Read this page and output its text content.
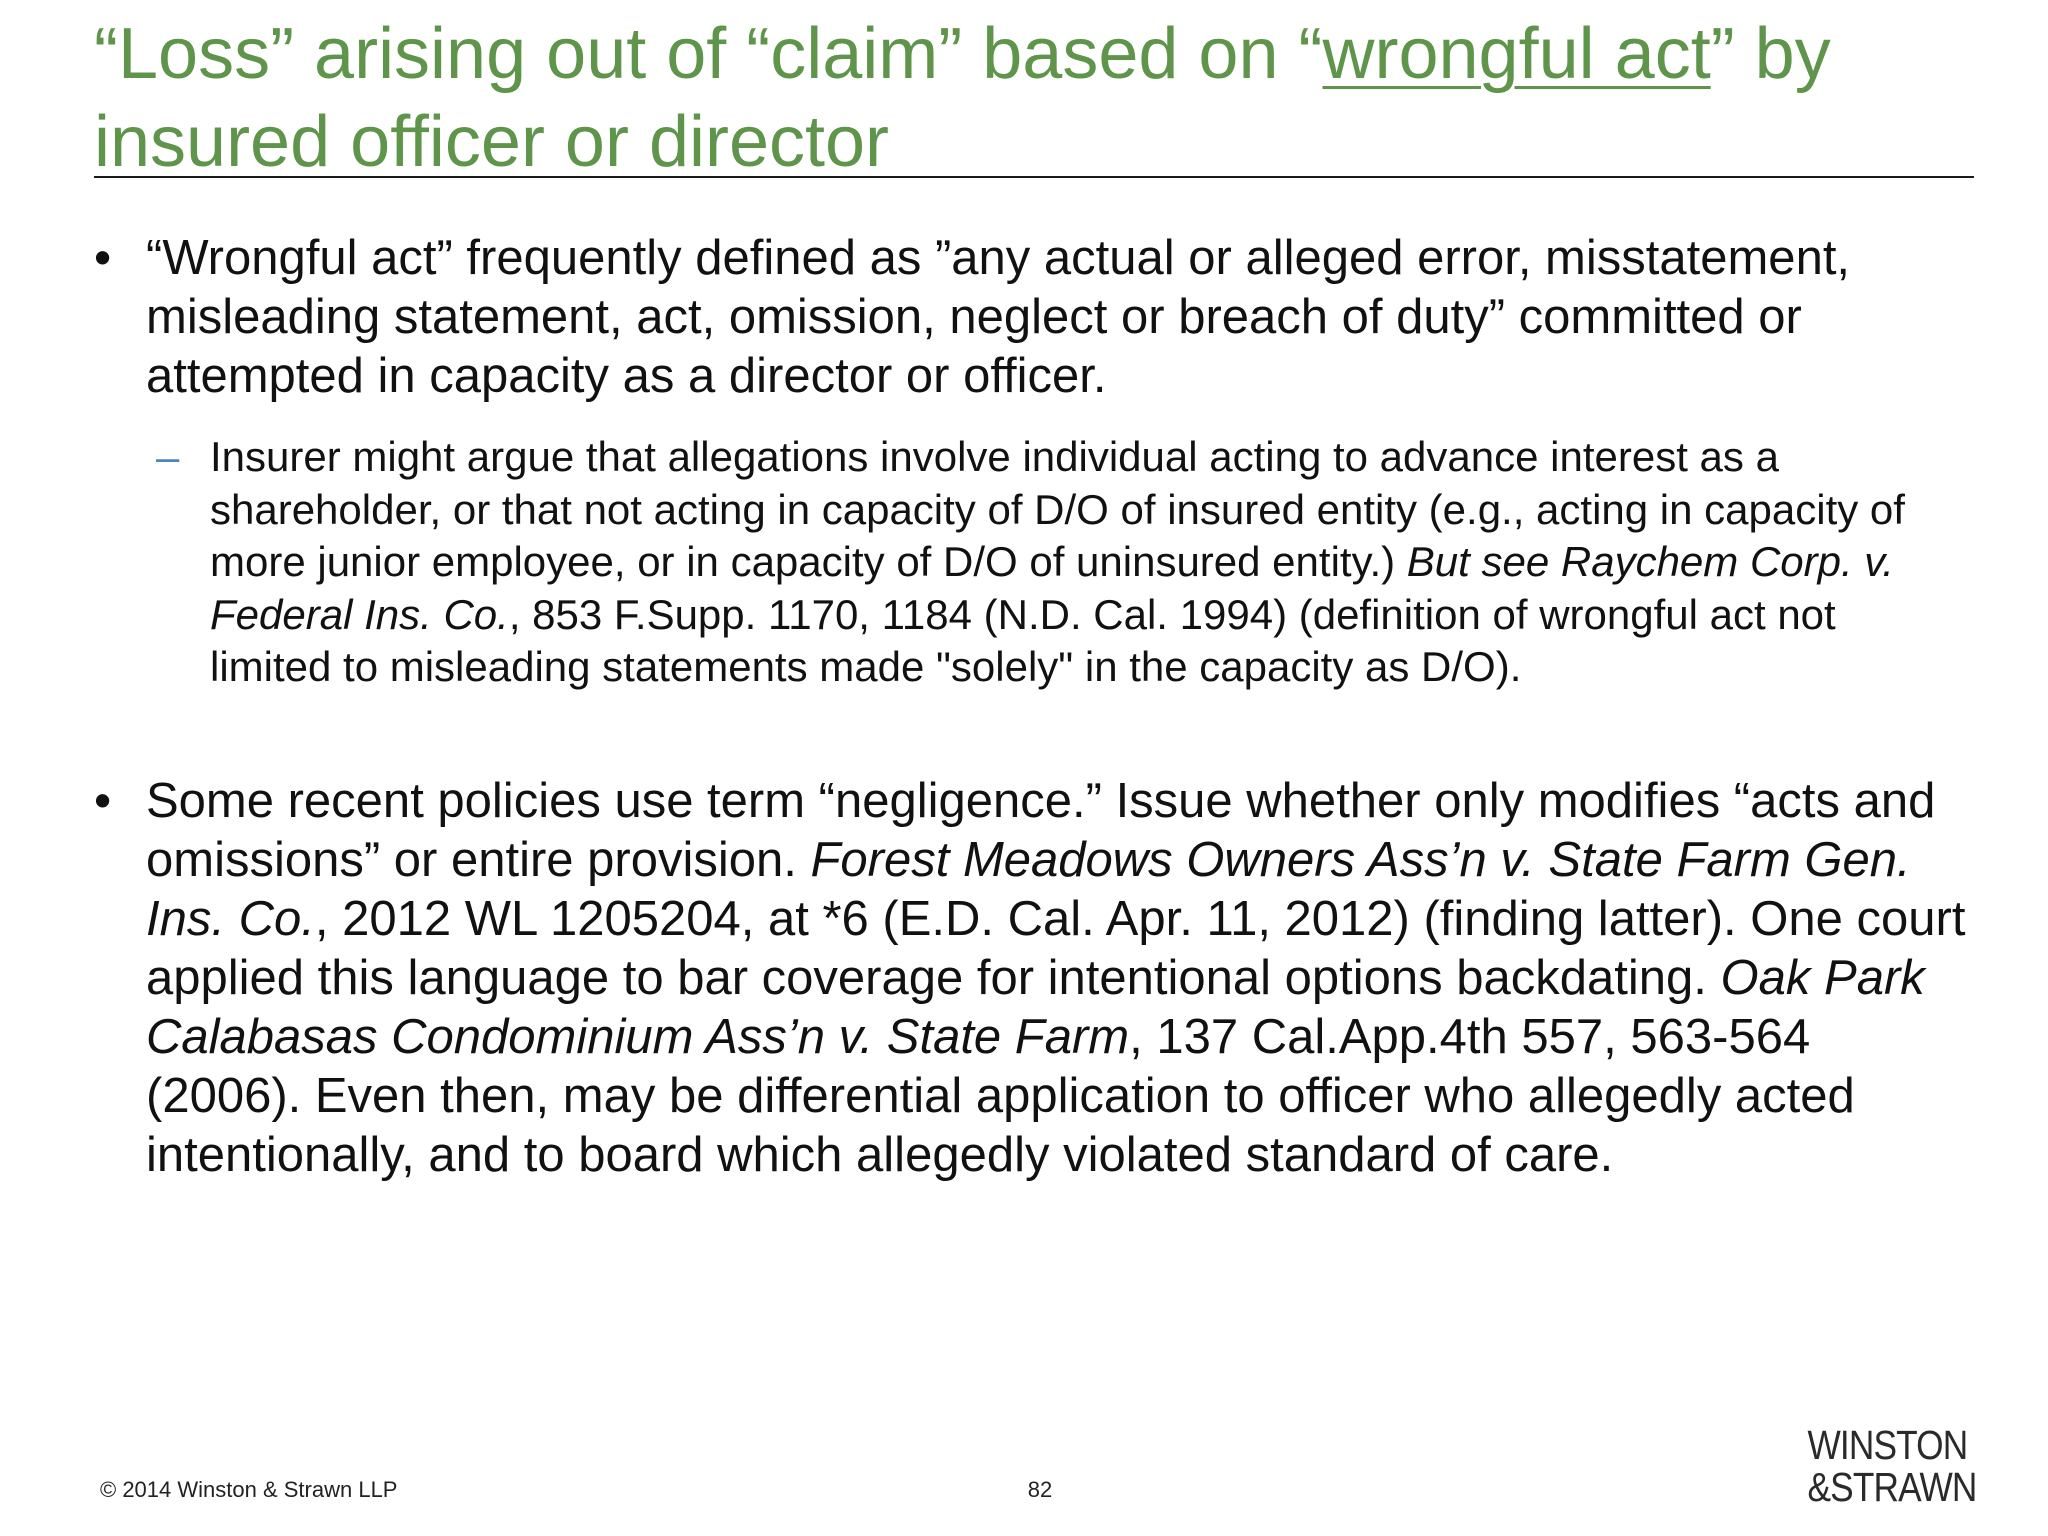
“Loss” arising out of “claim” based on “wrongful act” by insured officer or director
• “Wrongful act” frequently defined as ”any actual or alleged error, misstatement, misleading statement, act, omission, neglect or breach of duty” committed or attempted in capacity as a director or officer.
– Insurer might argue that allegations involve individual acting to advance interest as a shareholder, or that not acting in capacity of D/O of insured entity (e.g., acting in capacity of more junior employee, or in capacity of D/O of uninsured entity.) But see Raychem Corp. v. Federal Ins. Co., 853 F.Supp. 1170, 1184 (N.D. Cal. 1994) (definition of wrongful act not limited to misleading statements made "solely" in the capacity as D/O).
• Some recent policies use term “negligence.” Issue whether only modifies “acts and omissions” or entire provision. Forest Meadows Owners Ass’n v. State Farm Gen. Ins. Co., 2012 WL 1205204, at *6 (E.D. Cal. Apr. 11, 2012) (finding latter). One court applied this language to bar coverage for intentional options backdating. Oak Park Calabasas Condominium Ass’n v. State Farm, 137 Cal.App.4th 557, 563-564 (2006). Even then, may be differential application to officer who allegedly acted intentionally, and to board which allegedly violated standard of care.
© 2014 Winston & Strawn LLP	82
WINSTON
&STRAWN
